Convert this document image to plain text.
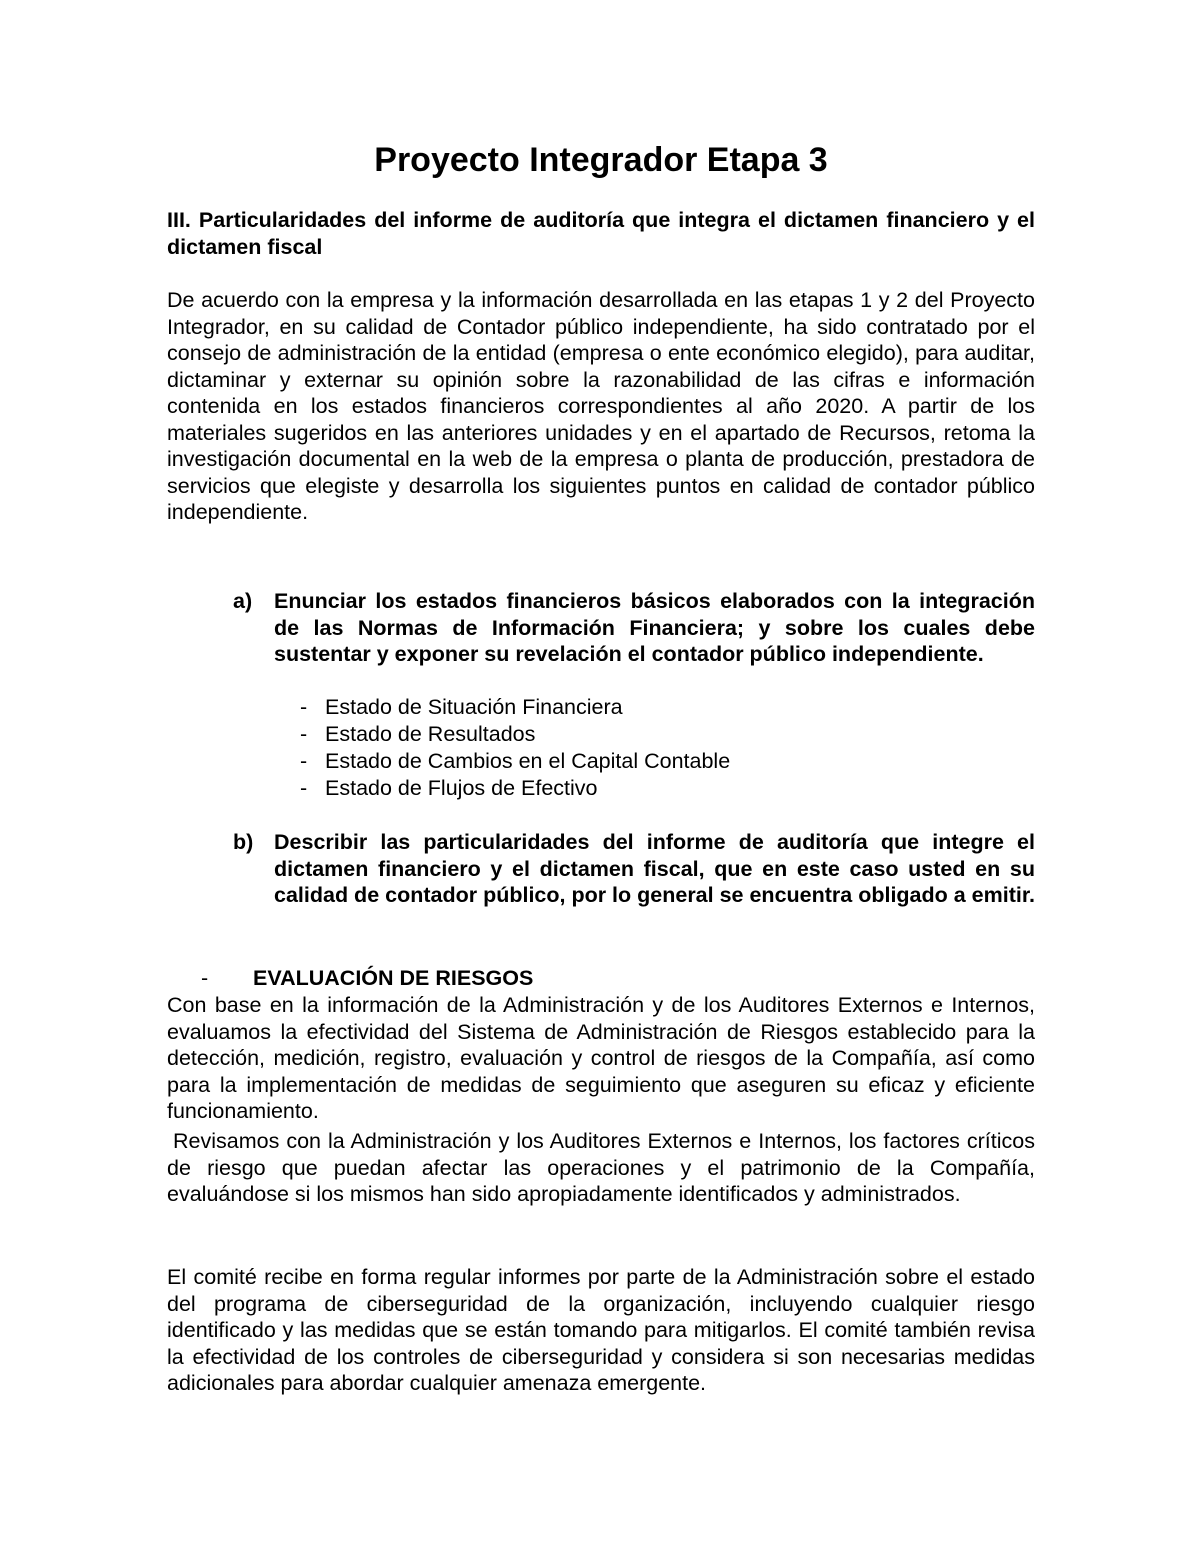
Proyecto Integrador Etapa 3

III. Particularidades del informe de auditoría que integra el dictamen financiero y el dictamen fiscal

De acuerdo con la empresa y la información desarrollada en las etapas 1 y 2 del Proyecto Integrador, en su calidad de Contador público independiente, ha sido contratado por el consejo de administración de la entidad (empresa o ente económico elegido), para auditar, dictaminar y externar su opinión sobre la razonabilidad de las cifras e información contenida en los estados financieros correspondientes al año 2020. A partir de los materiales sugeridos en las anteriores unidades y en el apartado de Recursos, retoma la investigación documental en la web de la empresa o planta de producción, prestadora de servicios que elegiste y desarrolla los siguientes puntos en calidad de contador público independiente.

a) Enunciar los estados financieros básicos elaborados con la integración de las Normas de Información Financiera; y sobre los cuales debe sustentar y exponer su revelación el contador público independiente.

- Estado de Situación Financiera
- Estado de Resultados
- Estado de Cambios en el Capital Contable
- Estado de Flujos de Efectivo
b) Describir las particularidades del informe de auditoría que integre el dictamen financiero y el dictamen fiscal, que en este caso usted en su calidad de contador público, por lo general se encuentra obligado a emitir.

- EVALUACIÓN DE RIESGOS

Con base en la información de la Administración y de los Auditores Externos e Internos, evaluamos la efectividad del Sistema de Administración de Riesgos establecido para la detección, medición, registro, evaluación y control de riesgos de la Compañía, así como para la implementación de medidas de seguimiento que aseguren su eficaz y eficiente funcionamiento.

Revisamos con la Administración y los Auditores Externos e Internos, los factores críticos de riesgo que puedan afectar las operaciones y el patrimonio de la Compañía, evaluándose si los mismos han sido apropiadamente identificados y administrados.

El comité recibe en forma regular informes por parte de la Administración sobre el estado del programa de ciberseguridad de la organización, incluyendo cualquier riesgo identificado y las medidas que se están tomando para mitigarlos. El comité también revisa la efectividad de los controles de ciberseguridad y considera si son necesarias medidas adicionales para abordar cualquier amenaza emergente.
